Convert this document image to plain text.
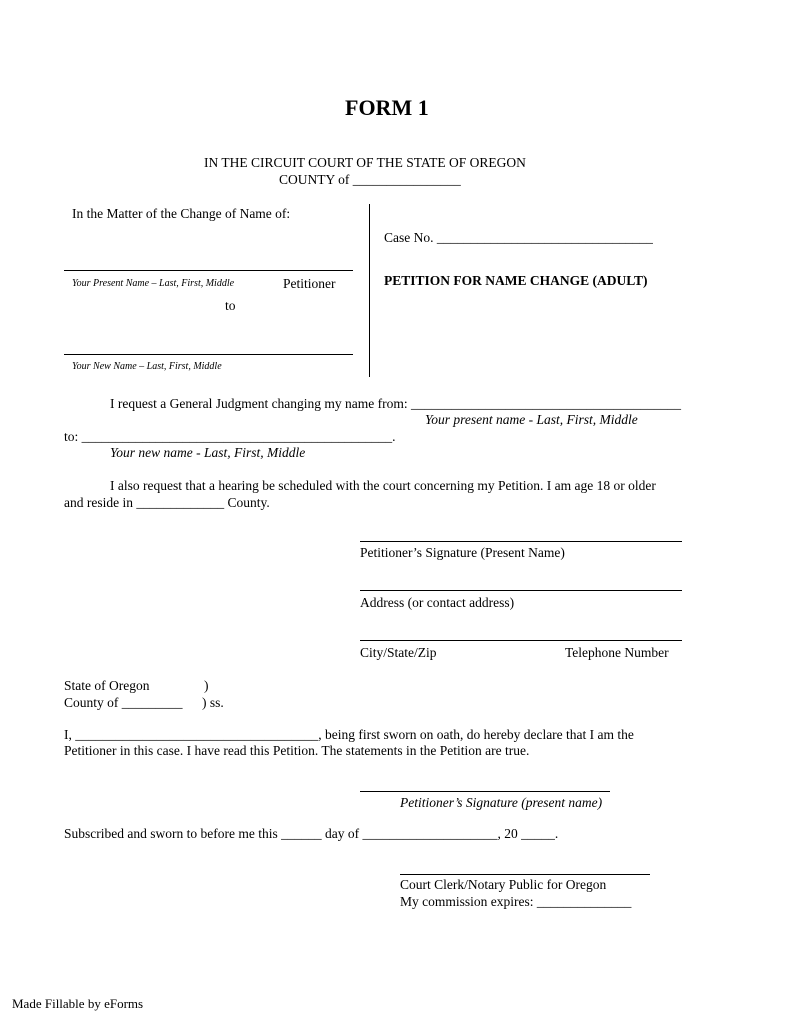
FORM 1
IN THE CIRCUIT COURT OF THE STATE OF OREGON
COUNTY of ________________
In the Matter of the Change of Name of:
Case No. ________________________________
Your Present Name – Last, First, Middle	Petitioner	PETITION FOR NAME CHANGE (ADULT)
to
Your New Name – Last, First, Middle
I request a General Judgment changing my name from: ________________________________________
Your present name - Last, First, Middle
to: ______________________________________________.
Your new name - Last, First, Middle
I also request that a hearing be scheduled with the court concerning my Petition. I am age 18 or older
and reside in _____________ County.
Petitioner’s Signature (Present Name)
Address (or contact address)
City/State/Zip	Telephone Number
State of Oregon	)
County of _________ ) ss.
I, ____________________________________, being first sworn on oath, do hereby declare that I am the
Petitioner in this case. I have read this Petition. The statements in the Petition are true.
Petitioner’s Signature (present name)
Subscribed and sworn to before me this ______ day of ____________________, 20 _____.
Court Clerk/Notary Public for Oregon
My commission expires: ______________
Made Fillable by eForms
